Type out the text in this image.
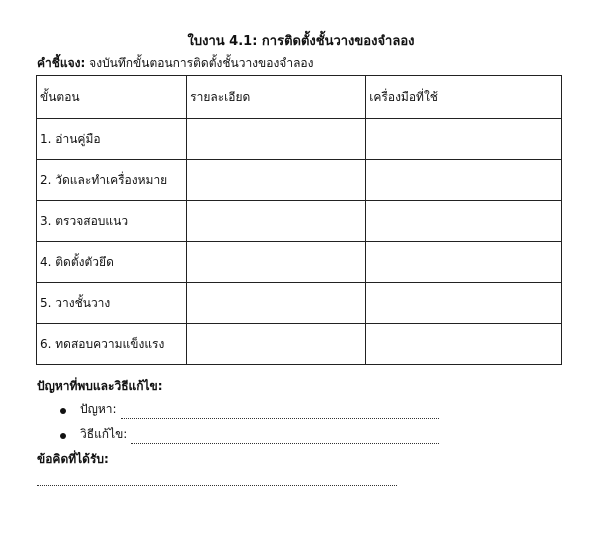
ใบงาน 4.1: การติดตั้งชั้นวางของจำลอง
คำชี้แจง: จงบันทึกขั้นตอนการติดตั้งชั้นวางของจำลอง
ขั้นตอน	รายละเอียด	เครื่องมือที่ใช้
1. อ่านคู่มือ		
2. วัดและทำเครื่องหมาย		
3. ตรวจสอบแนว		
4. ติดตั้งตัวยึด		
5. วางชั้นวาง		
6. ทดสอบความแข็งแรง		
ปัญหาที่พบและวิธีแก้ไข:
ปัญหา:
วิธีแก้ไข:
ข้อคิดที่ได้รับ:
